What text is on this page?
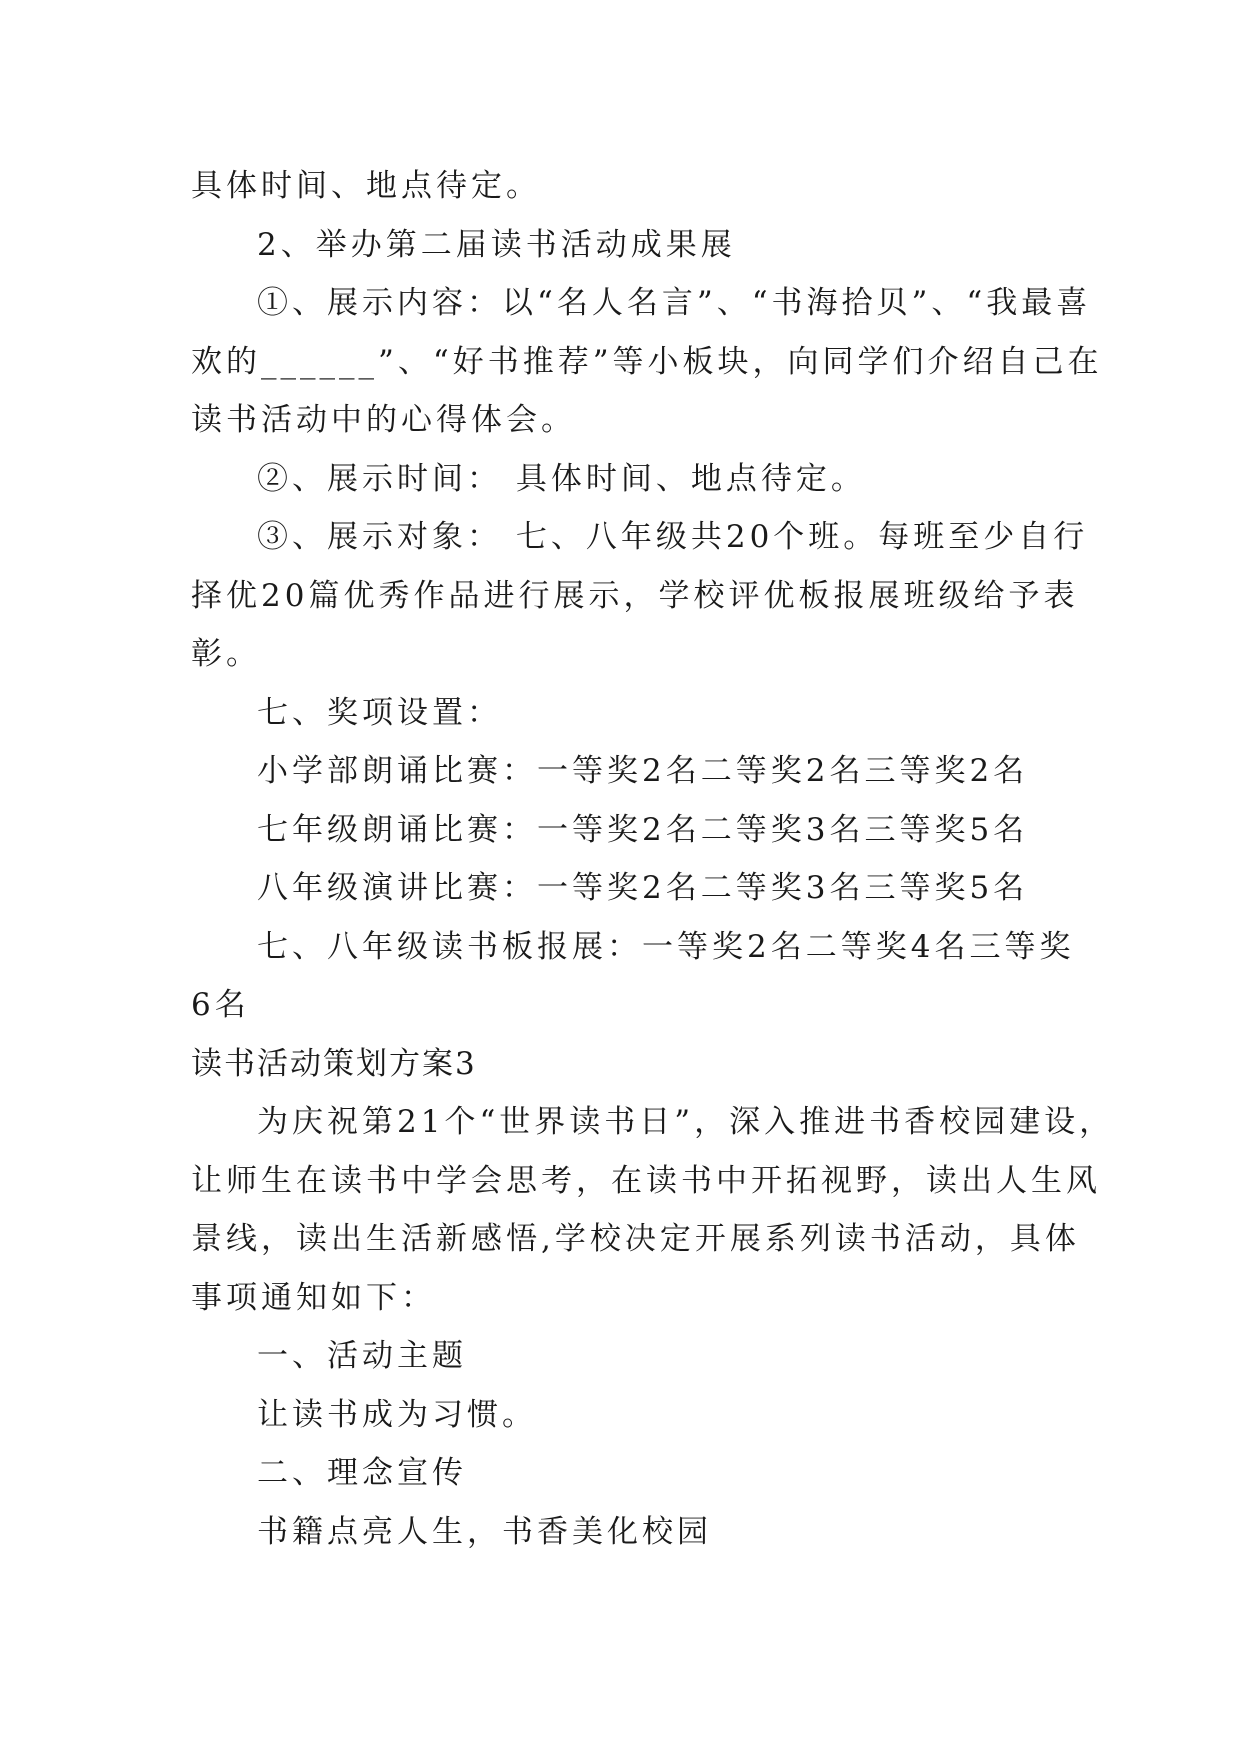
具体时间、地点待定。
2、举办第二届读书活动成果展
①、展示内容：以“名人名言”、“书海拾贝”、“我最喜
欢的______”、“好书推荐”等小板块，向同学们介绍自己在
读书活动中的心得体会。
②、展示时间： 具体时间、地点待定。
③、展示对象： 七、八年级共20个班。每班至少自行
择优20篇优秀作品进行展示，学校评优板报展班级给予表
彰。
七、奖项设置：
小学部朗诵比赛：一等奖2名二等奖2名三等奖2名
七年级朗诵比赛：一等奖2名二等奖3名三等奖5名
八年级演讲比赛：一等奖2名二等奖3名三等奖5名
七、八年级读书板报展：一等奖2名二等奖4名三等奖
6名
读书活动策划方案3
为庆祝第21个“世界读书日”，深入推进书香校园建设，
让师生在读书中学会思考，在读书中开拓视野，读出人生风
景线，读出生活新感悟,学校决定开展系列读书活动，具体
事项通知如下：
一、活动主题
让读书成为习惯。
二、理念宣传
书籍点亮人生，书香美化校园
